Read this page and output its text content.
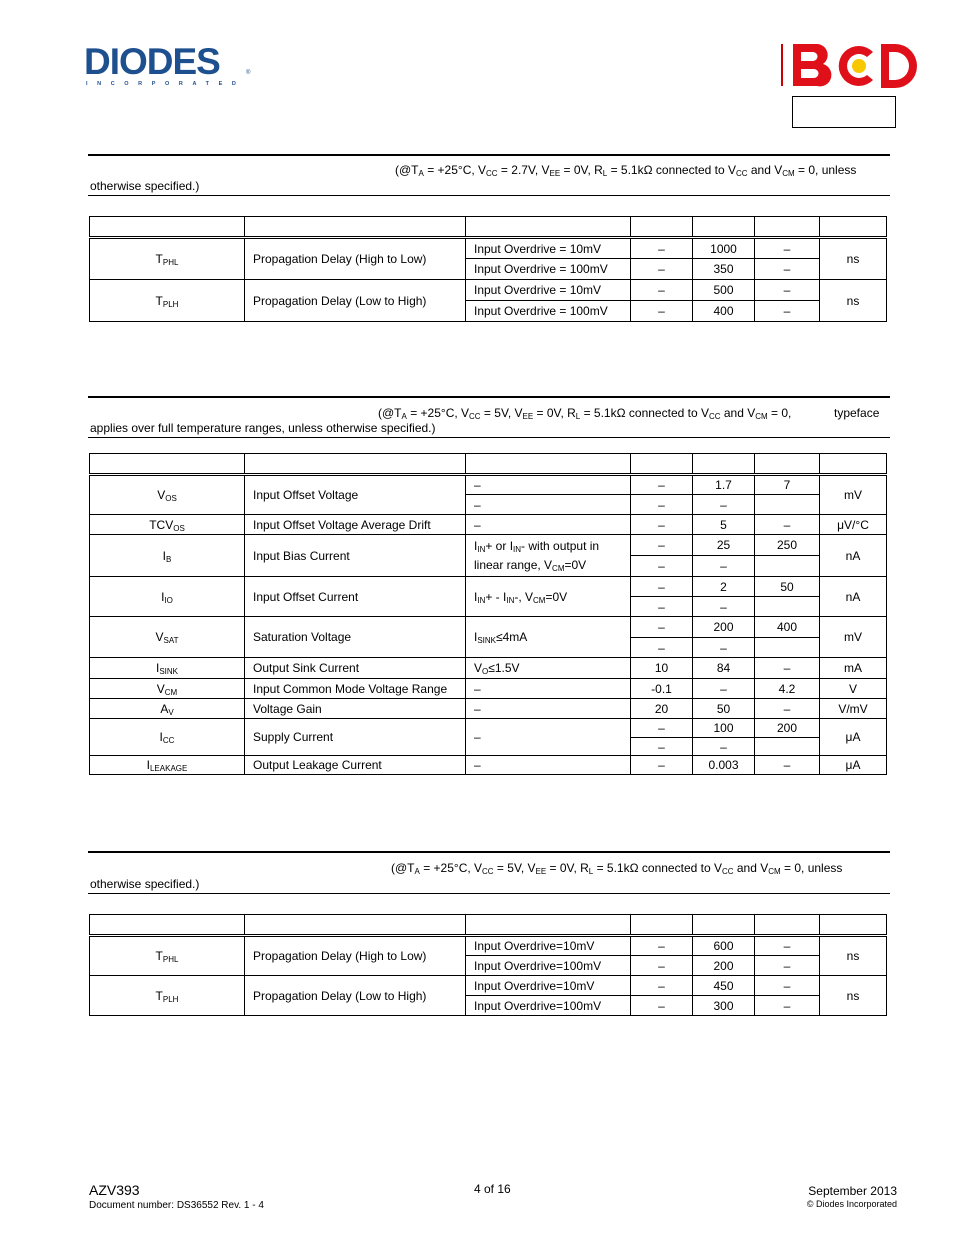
DIODES	®
INCORPORATED
($@T_A = +25^\circ C$, $V_{CC} = 2.7V$, $V_{EE} = 0V$, $R_L = 5.1k\Omega$ connected to $V_{CC}$ and $V_{CM} = 0$, unless
otherwise specified.)

$T_{PHL}$	Propagation Delay (High to Low)	Input Overdrive = 10mV	–	1000	–	ns
		Input Overdrive = 100mV	–	350	–	
$T_{PLH}$	Propagation Delay (Low to High)	Input Overdrive = 10mV	–	500	–	ns
		Input Overdrive = 100mV	–	400	–	
($@T_A = +25^\circ C$, $V_{CC} = 5V$, $V_{EE} = 0V$, $R_L = 5.1k\Omega$ connected to $V_{CC}$ and $V_{CM} = 0$,	typeface
applies over full temperature ranges, unless otherwise specified.)

$V_{OS}$	Input Offset Voltage	–	–	1.7	7	mV
		–	–	–		
$TCV_{OS}$	Input Offset Voltage Average Drift	–	–	5	–	μV/°C
$I_B$	Input Bias Current	$I_{IN}+$ or $I_{IN}-$ with output in linear range, $V_{CM}=0V$	–	25	250	nA
			–	–		
$I_{IO}$	Input Offset Current	$I_{IN}+ - I_{IN}-$, $V_{CM}=0V$	–	2	50	nA
			–	–		
$V_{SAT}$	Saturation Voltage	$I_{SINK}\le 4mA$	–	200	400	mV
			–	–		
$I_{SINK}$	Output Sink Current	$V_O\le 1.5V$	10	84	–	mA
$V_{CM}$	Input Common Mode Voltage Range	–	-0.1	–	4.2	V
$A_V$	Voltage Gain	–	20	50	–	V/mV
$I_{CC}$	Supply Current	–	–	100	200	μA
			–	–		
$I_{LEAKAGE}$	Output Leakage Current	–	–	0.003	–	μA
($@T_A = +25^\circ C$, $V_{CC} = 5V$, $V_{EE} = 0V$, $R_L = 5.1k\Omega$ connected to $V_{CC}$ and $V_{CM} = 0$, unless
otherwise specified.)

$T_{PHL}$	Propagation Delay (High to Low)	Input Overdrive=10mV	–	600	–	ns
		Input Overdrive=100mV	–	200	–	
$T_{PLH}$	Propagation Delay (Low to High)	Input Overdrive=10mV	–	450	–	ns
		Input Overdrive=100mV	–	300	–	
AZV393
Document number: DS36552 Rev. 1 - 4
4 of 16	September 2013
© Diodes Incorporated
